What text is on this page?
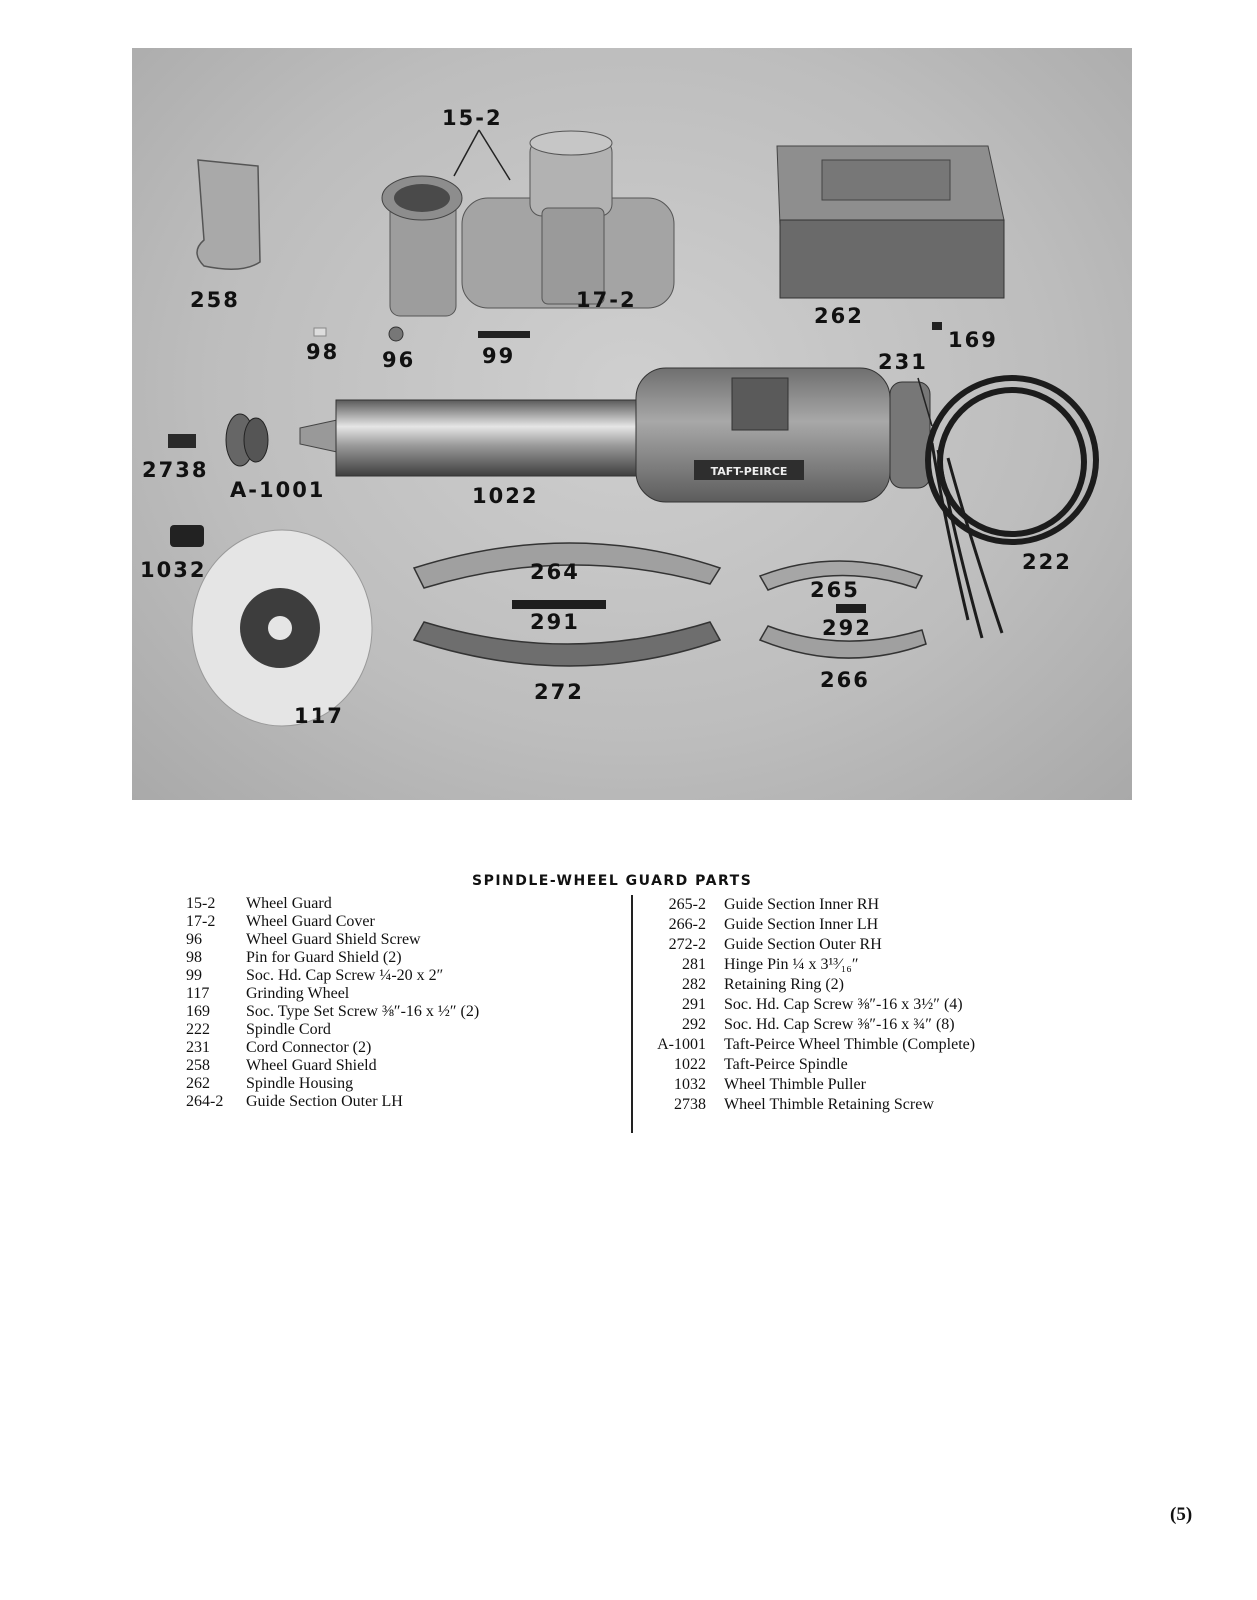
TAFT-PEIRCE
15-2
258	17-2
262
169
98 96	99	231
2738
A-1001	1022
1032	264	222
265
291	292
272	266
117
SPINDLE-WHEEL GUARD PARTS
15-2	Wheel Guard
17-2	Wheel Guard Cover
96	Wheel Guard Shield Screw
98	Pin for Guard Shield (2)
99	Soc. Hd. Cap Screw ¼-20 x 2″
117	Grinding Wheel
169	Soc. Type Set Screw ⅜″-16 x ½″ (2)
222	Spindle Cord
231	Cord Connector (2)
258	Wheel Guard Shield
262	Spindle Housing
264-2	Guide Section Outer LH
265-2	Guide Section Inner RH
266-2	Guide Section Inner LH
272-2	Guide Section Outer RH
281	Hinge Pin ¼ x 3¹³⁄₁₆″
282	Retaining Ring (2)
291	Soc. Hd. Cap Screw ⅜″-16 x 3½″ (4)
292	Soc. Hd. Cap Screw ⅜″-16 x ¾″ (8)
A-1001	Taft-Peirce Wheel Thimble (Complete)
1022	Taft-Peirce Spindle
1032	Wheel Thimble Puller
2738	Wheel Thimble Retaining Screw
(5)
